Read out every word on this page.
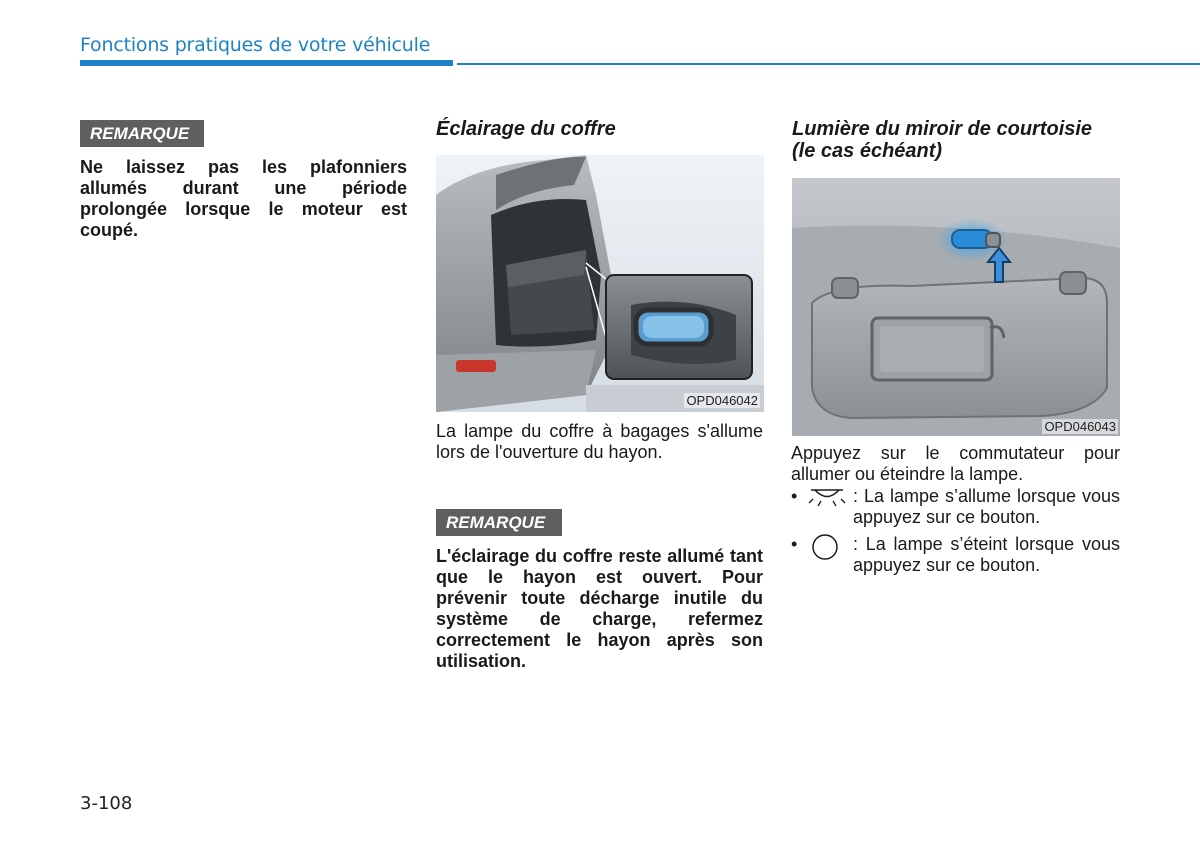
Fonctions pratiques de votre véhicule
REMARQUE
Ne laissez pas les plafonniers allumés durant une période prolongée lorsque le moteur est coupé.
Éclairage du coffre
OPD046042
La lampe du coffre à bagages s'allume lors de l'ouverture du hayon.
REMARQUE
L'éclairage du coffre reste allumé tant que le hayon est ouvert. Pour prévenir toute décharge inutile du système de charge, refermez correctement le hayon après son utilisation.
Lumière du miroir de courtoisie
(le cas échéant)
OPD046043
Appuyez sur le commutateur pour allumer ou éteindre la lampe.
•	: La lampe s’allume lorsque vous appuyez sur ce bouton.
•	: La lampe s’éteint lorsque vous appuyez sur ce bouton.
3-108
